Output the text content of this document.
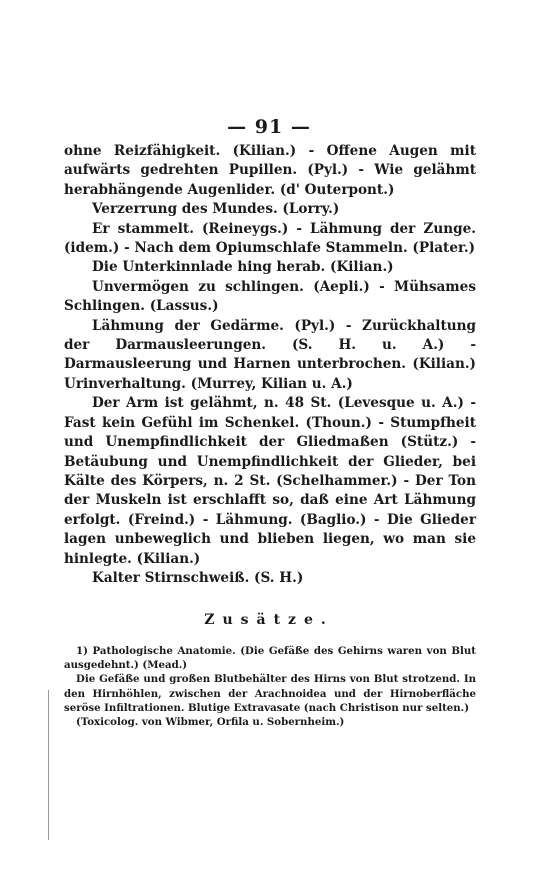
— 91 —

ohne Reizfähigkeit. (Kilian.) - Offene Augen mit aufwärts gedrehten Pupillen. (Pyl.) - Wie gelähmt herabhängende Augenlider. (d' Outerpont.)

Verzerrung des Mundes. (Lorry.)

Er stammelt. (Reineygs.) - Lähmung der Zunge. (idem.) - Nach dem Opiumschlafe Stammeln. (Plater.)

Die Unterkinnlade hing herab. (Kilian.)

Unvermögen zu schlingen. (Aepli.) - Mühsames Schlingen. (Lassus.)

Lähmung der Gedärme. (Pyl.) - Zurückhaltung der Darmausleerungen. (S. H. u. A.) - Darmausleerung und Harnen unterbrochen. (Kilian.) Urinverhaltung. (Murrey, Kilian u. A.)

Der Arm ist gelähmt, n. 48 St. (Levesque u. A.) - Fast kein Gefühl im Schenkel. (Thoun.) - Stumpfheit und Unempfindlichkeit der Gliedmaßen (Stütz.) - Betäubung und Unempfindlichkeit der Glieder, bei Kälte des Körpers, n. 2 St. (Schelhammer.) - Der Ton der Muskeln ist erschlafft so, daß eine Art Lähmung erfolgt. (Freind.) - Lähmung. (Baglio.) - Die Glieder lagen unbeweglich und blieben liegen, wo man sie hinlegte. (Kilian.)

Kalter Stirnschweiß. (S. H.)

Zusätze.

1) Pathologische Anatomie. (Die Gefäße des Gehirns waren von Blut ausgedehnt.) (Mead.)

Die Gefäße und großen Blutbehälter des Hirns von Blut strotzend. In den Hirnhöhlen, zwischen der Arachnoidea und der Hirnoberfläche seröse Infiltrationen. Blutige Extravasate (nach Christison nur selten.)

(Toxicolog. von Wibmer, Orfila u. Sobernheim.)
